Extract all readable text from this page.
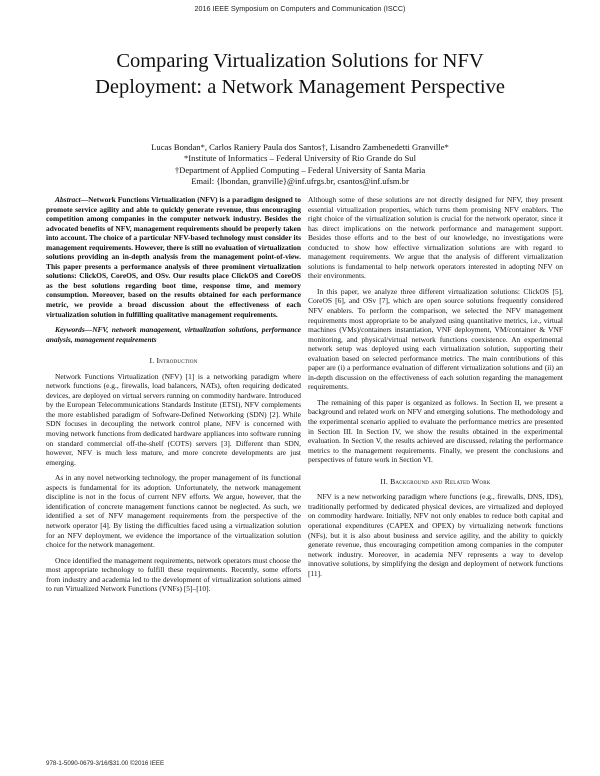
2016 IEEE Symposium on Computers and Communication (ISCC)
Comparing Virtualization Solutions for NFV
Deployment: a Network Management Perspective
Lucas Bondan*, Carlos Raniery Paula dos Santos†, Lisandro Zambenedetti Granville*
*Institute of Informatics – Federal University of Rio Grande do Sul
†Department of Applied Computing – Federal University of Santa Maria
Email: {lbondan, granville}@inf.ufrgs.br, csantos@inf.ufsm.br

Abstract—Network Functions Virtualization (NFV) is a paradigm designed to promote service agility and able to quickly generate revenue, thus encouraging competition among companies in the computer network industry. Besides the advocated benefits of NFV, management requirements should be properly taken into account. The choice of a particular NFV-based technology must consider its management requirements. However, there is still no evaluation of virtualization solutions providing an in-depth analysis from the management point-of-view. This paper presents a performance analysis of three prominent virtualization solutions: ClickOS, CoreOS, and OSv. Our results place ClickOS and CoreOS as the best solutions regarding boot time, response time, and memory consumption. Moreover, based on the results obtained for each performance metric, we provide a broad discussion about the effectiveness of each virtualization solution in fulfilling qualitative management requirements.

Keywords—NFV, network management, virtualization solutions, performance analysis, management requirements

I. Introduction

Network Functions Virtualization (NFV) [1] is a networking paradigm where network functions (e.g., firewalls, load balancers, NATs), often requiring dedicated devices, are deployed on virtual servers running on commodity hardware. Introduced by the European Telecommunications Standards Institute (ETSI), NFV complements the more established paradigm of Software-Defined Networking (SDN) [2]. While SDN focuses in decoupling the network control plane, NFV is concerned with moving network functions from dedicated hardware appliances into software running on standard commercial off-the-shelf (COTS) servers [3]. Different than SDN, however, NFV is much less mature, and more concrete developments are just emerging.

As in any novel networking technology, the proper management of its functional aspects is fundamental for its adoption. Unfortunately, the network management discipline is not in the focus of current NFV efforts. We argue, however, that the identification of concrete management functions cannot be neglected. As such, we identified a set of NFV management requirements from the perspective of the network operator [4]. By listing the difficulties faced using a virtualization solution for an NFV deployment, we evidence the importance of the virtualization solution choice for the network management.

Once identified the management requirements, network operators must choose the most appropriate technology to fulfill these requirements. Recently, some efforts from industry and academia led to the development of virtualization solutions aimed to run Virtualized Network Functions (VNFs) [5]–[10].

Although some of these solutions are not directly designed for NFV, they present essential virtualization properties, which turns them promising NFV enablers. The right choice of the virtualization solution is crucial for the network operator, since it has direct implications on the network performance and management support. Besides those efforts and to the best of our knowledge, no investigations were conducted to show how effective virtualization solutions are with regard to management requirements. We argue that the analysis of different virtualization solutions is fundamental to help network operators interested in adopting NFV on their environments.

In this paper, we analyze three different virtualization solutions: ClickOS [5], CoreOS [6], and OSv [7], which are open source solutions frequently considered NFV enablers. To perform the comparison, we selected the NFV management requirements most appropriate to be analyzed using quantitative metrics, i.e., virtual machines (VMs)/containers instantiation, VNF deployment, VM/container & VNF monitoring, and physical/virtual network functions coexistence. An experimental network setup was deployed using each virtualization solution, supporting their evaluation based on selected performance metrics. The main contributions of this paper are (i) a performance evaluation of different virtualization solutions and (ii) an in-depth discussion on the effectiveness of each solution regarding the management requirements.

The remaining of this paper is organized as follows. In Section II, we present a background and related work on NFV and emerging solutions. The methodology and the experimental scenario applied to evaluate the performance metrics are presented in Section III. In Section IV, we show the results obtained in the experimental evaluation. In Section V, the results achieved are discussed, relating the performance metrics to the management requirements. Finally, we present the conclusions and perspectives of future work in Section VI.

II. Background and Related Work

NFV is a new networking paradigm where functions (e.g., firewalls, DNS, IDS), traditionally performed by dedicated physical devices, are virtualized and deployed on commodity hardware. Initially, NFV not only enables to reduce both capital and operational expenditures (CAPEX and OPEX) by virtualizing network functions (NFs), but it is also about business and service agility, and the ability to quickly generate revenue, thus encouraging competition among companies in the computer network industry. Moreover, in academia NFV represents a way to develop innovative solutions, by simplifying the design and deployment of network functions [11].

978-1-5090-0679-3/16/$31.00 ©2016 IEEE
